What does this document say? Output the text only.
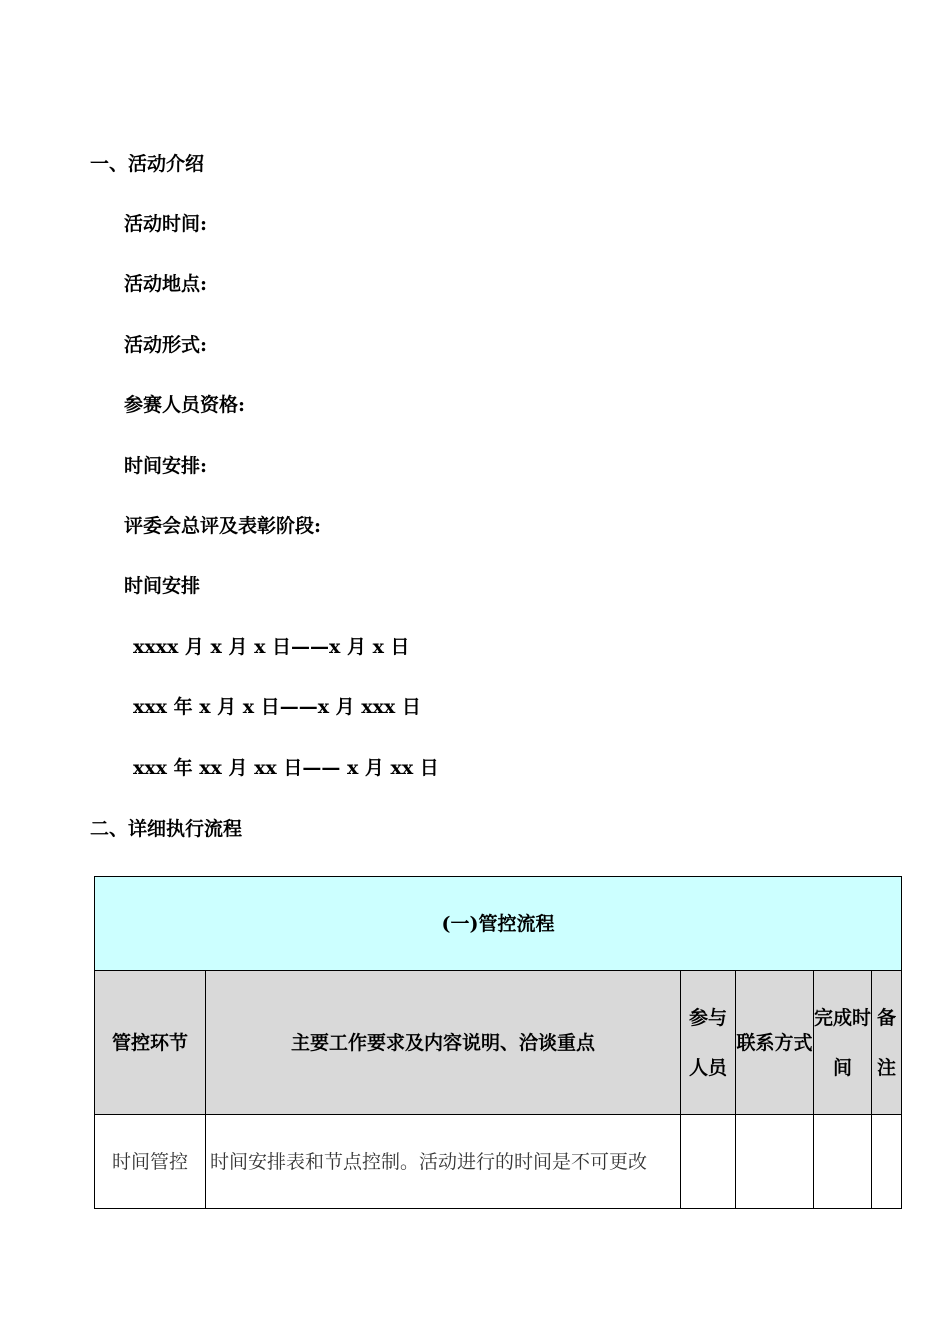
一、活动介绍
活动时间:
活动地点:
活动形式:
参赛人员资格:
时间安排:
评委会总评及表彰阶段:
时间安排
xxxx 月 x 月 x 日——x 月 x 日
xxx 年 x 月 x 日——x 月 xxx 日
xxx 年 xx 月 xx 日—— x 月 xx 日
二、详细执行流程
(一)管控流程					
管控环节	主要工作要求及内容说明、洽谈重点	参与人员	联系方式	完成时间	备注
时间管控	时间安排表和节点控制。活动进行的时间是不可更改				
